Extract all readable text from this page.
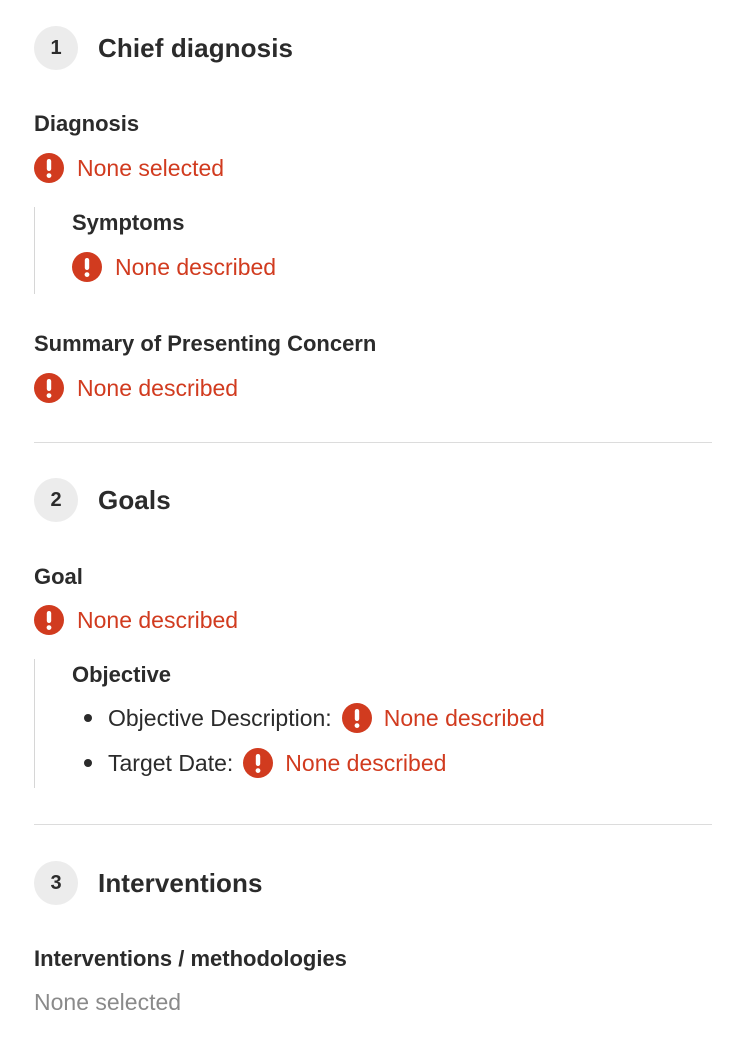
1	Chief diagnosis
Diagnosis
None selected
Symptoms
None described
Summary of Presenting Concern
None described
2	Goals
Goal
None described
Objective
Objective Description: None described
Target Date: None described
3	Interventions
Interventions / methodologies
None selected
